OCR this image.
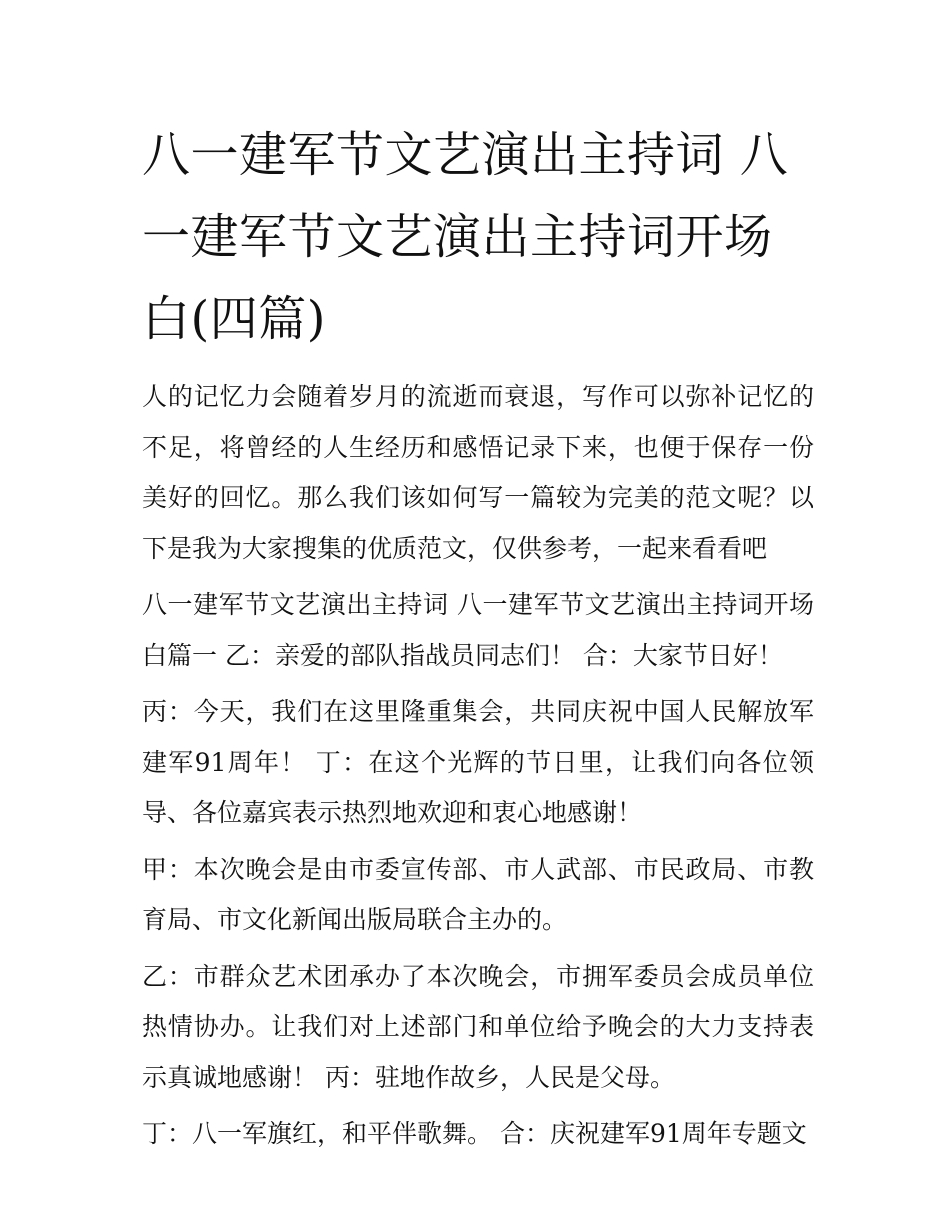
八一建军节文艺演出主持词 八一建军节文艺演出主持词开场白(四篇)

人的记忆力会随着岁月的流逝而衰退，写作可以弥补记忆的不足，将曾经的人生经历和感悟记录下来，也便于保存一份美好的回忆。那么我们该如何写一篇较为完美的范文呢？以下是我为大家搜集的优质范文，仅供参考，一起来看看吧

八一建军节文艺演出主持词 八一建军节文艺演出主持词开场白篇一 乙：亲爱的部队指战员同志们！ 合：大家节日好！

丙：今天，我们在这里隆重集会，共同庆祝中国人民解放军建军91周年！ 丁：在这个光辉的节日里，让我们向各位领导、各位嘉宾表示热烈地欢迎和衷心地感谢！

甲：本次晚会是由市委宣传部、市人武部、市民政局、市教育局、市文化新闻出版局联合主办的。

乙：市群众艺术团承办了本次晚会，市拥军委员会成员单位热情协办。让我们对上述部门和单位给予晚会的大力支持表示真诚地感谢！ 丙：驻地作故乡，人民是父母。

丁：八一军旗红，和平伴歌舞。 合：庆祝建军91周年专题文
